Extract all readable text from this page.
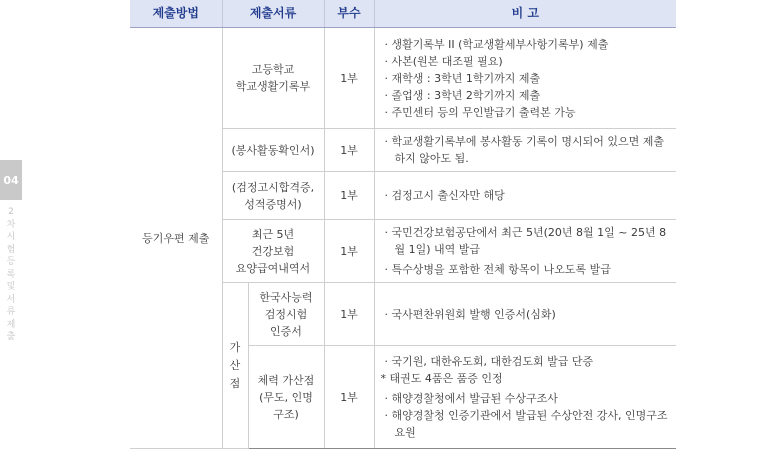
04
2
차
시
험
등
록
및
서
류
제
출
제출방법	제출서류		부수	비 고
등기우편 제출	고등학교
학교생활기록부		1부	· 생활기록부 II (학교생활세부사항기록부) 제출
· 사본(원본 대조필 필요)
· 재학생 : 3학년 1학기까지 제출
· 졸업생 : 3학년 2학기까지 제출
· 주민센터 등의 무인발급기 출력본 가능

	(봉사활동확인서)		1부	· 학교생활기록부에 봉사활동 기록이 명시되어 있으면 제출하지 않아도 됨.

	(검정고시합격증,
성적증명서)		1부	· 검정고시 출신자만 해당

	최근 5년
건강보험
요양급여내역서		1부	· 국민건강보험공단에서 최근 5년(20년 8월 1일 ~ 25년 8월 1일) 내역 발급
· 특수상병을 포함한 전체 항목이 나오도록 발급

	가
산
점	한국사능력
검정시험
인증서	1부	· 국사편찬위원회 발행 인증서(심화)

		체력 가산점
(무도, 인명
구조)	1부	· 국기원, 대한유도회, 대한검도회 발급 단증
* 태권도 4품은 품증 인정
· 해양경찰청에서 발급된 수상구조사
· 해양경찰청 인증기관에서 발급된 수상안전 강사, 인명구조요원
